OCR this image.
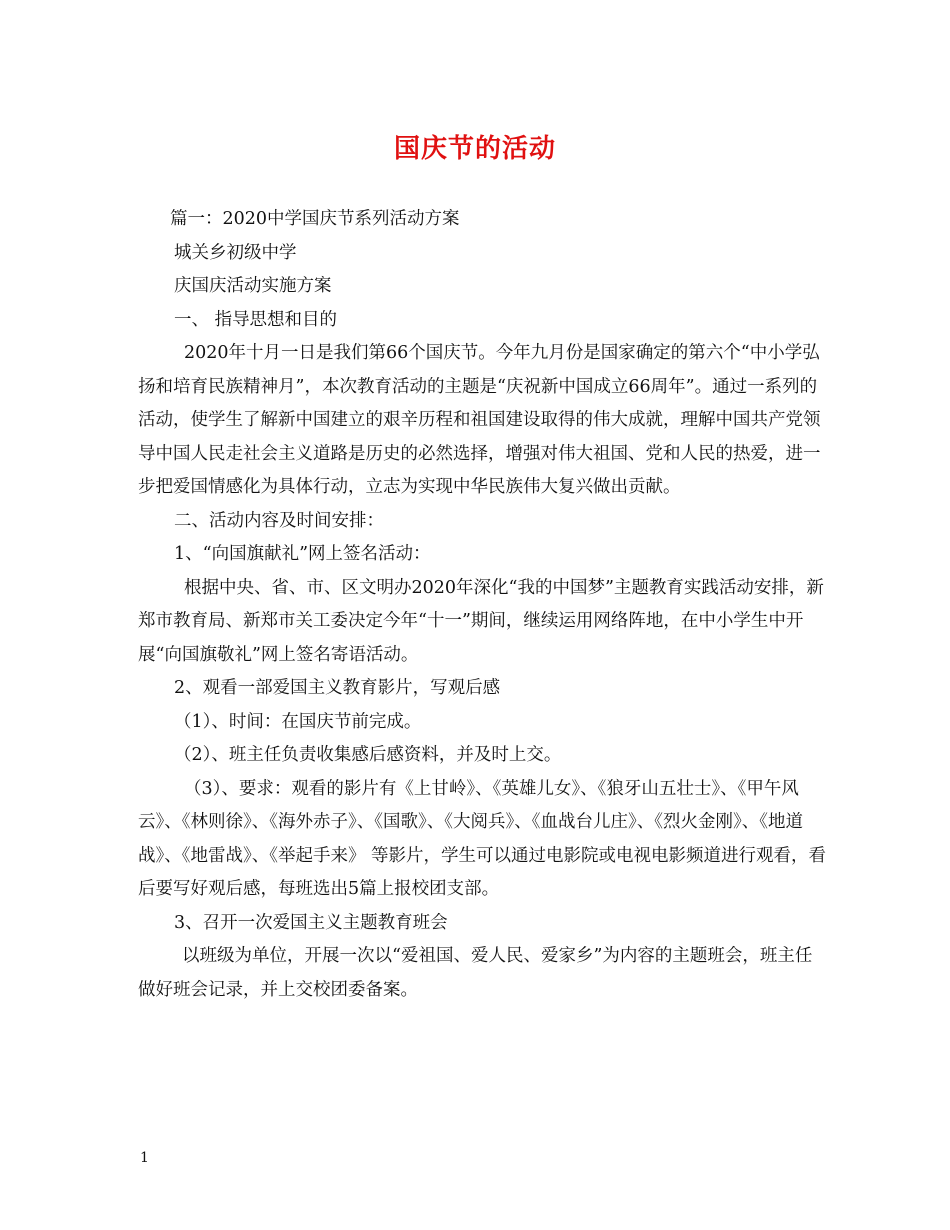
国庆节的活动

篇一：2020中学国庆节系列活动方案

城关乡初级中学

庆国庆活动实施方案

一、 指导思想和目的

2020年十月一日是我们第66个国庆节。今年九月份是国家确定的第六个“中小学弘扬和培育民族精神月”，本次教育活动的主题是“庆祝新中国成立66周年”。通过一系列的活动，使学生了解新中国建立的艰辛历程和祖国建设取得的伟大成就，理解中国共产党领导中国人民走社会主义道路是历史的必然选择，增强对伟大祖国、党和人民的热爱，进一步把爱国情感化为具体行动，立志为实现中华民族伟大复兴做出贡献。

二、活动内容及时间安排：

1、“向国旗献礼”网上签名活动：

根据中央、省、市、区文明办2020年深化“我的中国梦”主题教育实践活动安排，新郑市教育局、新郑市关工委决定今年“十一”期间，继续运用网络阵地，在中小学生中开展“向国旗敬礼”网上签名寄语活动。

2、观看一部爱国主义教育影片，写观后感

（1）、时间：在国庆节前完成。

（2）、班主任负责收集感后感资料，并及时上交。

（3）、要求：观看的影片有《上甘岭》、《英雄儿女》、《狼牙山五壮士》、《甲午风云》、《林则徐》、《海外赤子》、《国歌》、《大阅兵》、《血战台儿庄》、《烈火金刚》、《地道战》、《地雷战》、《举起手来》 等影片，学生可以通过电影院或电视电影频道进行观看，看后要写好观后感，每班选出5篇上报校团支部。

3、召开一次爱国主义主题教育班会

以班级为单位，开展一次以“爱祖国、爱人民、爱家乡”为内容的主题班会，班主任做好班会记录，并上交校团委备案。

1
